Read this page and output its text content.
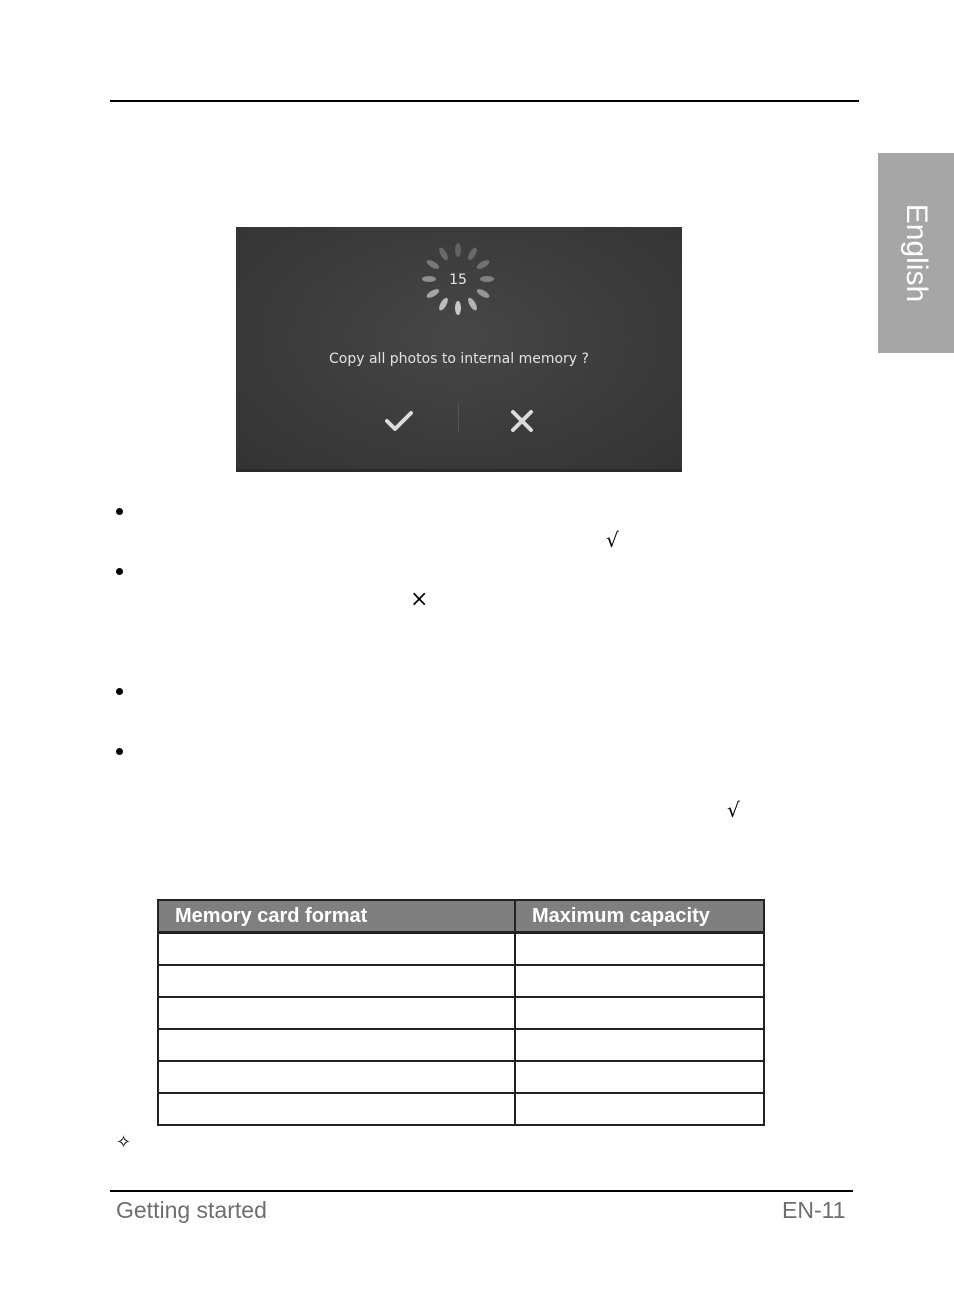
English
15
Copy all photos to internal memory ?
√
×
√
Memory card format	Maximum capacity

✧
Getting started	EN-11
